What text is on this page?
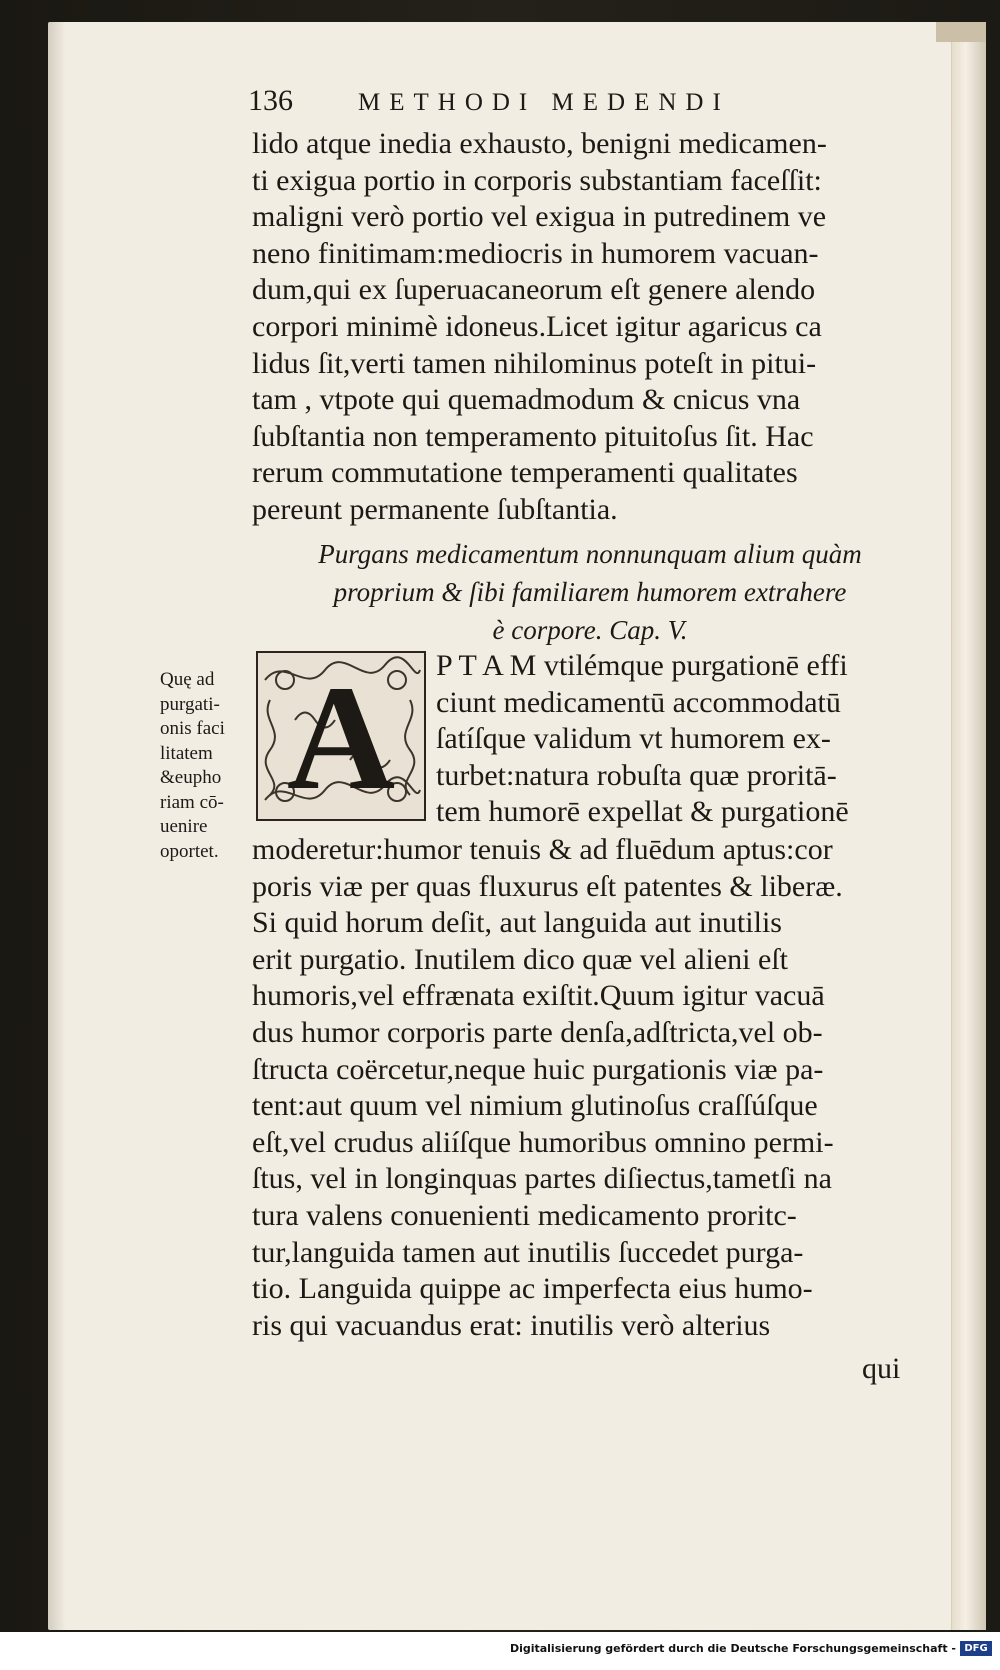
136	METHODI MEDENDI
lido atque inedia exhausto, benigni medicamen-
ti exigua portio in corporis substantiam faceſſit:
maligni verò portio vel exigua in putredinem ve
neno finitimam:mediocris in humorem vacuan-
dum,qui ex ſuperuacaneorum eſt genere alendo
corpori minimè idoneus.Licet igitur agaricus ca
lidus ſit,verti tamen nihilominus poteſt in pitui-
tam , vtpote qui quemadmodum & cnicus vna
ſubſtantia non temperamento pituitoſus ſit. Hac
rerum commutatione temperamenti qualitates
pereunt permanente ſubſtantia.
Purgans medicamentum nonnunquam alium quàm
proprium & ſibi familiarem humorem extrahere
è corpore. Cap. V.
A P T A M vtilémque purgationē effi
ciunt medicamentū accommodatū
ſatíſque validum vt humorem ex-
turbet:natura robuſta quæ proritā-
tem humorē expellat & purgationē
Quę ad
purgati-
onis faci
litatem
&eupho
riam cō-
uenire
oportet.	moderetur:humor tenuis & ad fluēdum aptus:cor
poris viæ per quas fluxurus eſt patentes & liberæ.
Si quid horum deſit, aut languida aut inutilis
erit purgatio. Inutilem dico quæ vel alieni eſt
humoris,vel effrænata exiſtit.Quum igitur vacuā
dus humor corporis parte denſa,adſtricta,vel ob-
ſtructa coërcetur,neque huic purgationis viæ pa-
tent:aut quum vel nimium glutinoſus craſſúſque
eſt,vel crudus aliíſque humoribus omnino permi-
ſtus, vel in longinquas partes diſiectus,tametſi na
tura valens conuenienti medicamento proritc-
tur,languida tamen aut inutilis ſuccedet purga-
tio. Languida quippe ac imperfecta eius humo-
ris qui vacuandus erat: inutilis verò alterius
qui
Digitalisierung gefördert durch die Deutsche Forschungsgemeinschaft - DFG
